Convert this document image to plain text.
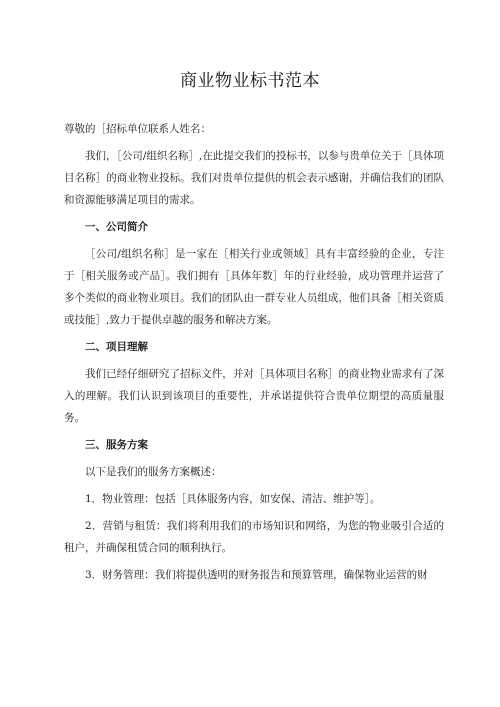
商业物业标书范本

尊敬的［招标单位联系人姓名：

我们，［公司/组织名称］,在此提交我们的投标书，以参与贵单位关于［具体项目名称］的商业物业投标。我们对贵单位提供的机会表示感谢，并确信我们的团队和资源能够满足项目的需求。

一、公司简介

［公司/组织名称］是一家在［相关行业或领域］具有丰富经验的企业，专注于［相关服务或产品］。我们拥有［具体年数］年的行业经验，成功管理并运营了多个类似的商业物业项目。我们的团队由一群专业人员组成，他们具备［相关资质或技能］,致力于提供卓越的服务和解决方案。

二、项目理解

我们已经仔细研究了招标文件，并对［具体项目名称］的商业物业需求有了深入的理解。我们认识到该项目的重要性，并承诺提供符合贵单位期望的高质量服务。

三、服务方案

以下是我们的服务方案概述：

1．物业管理：包括［具体服务内容，如安保、清洁、维护等］。

2．营销与租赁：我们将利用我们的市场知识和网络，为您的物业吸引合适的租户，并确保租赁合同的顺利执行。

3．财务管理：我们将提供透明的财务报告和预算管理，确保物业运营的财
